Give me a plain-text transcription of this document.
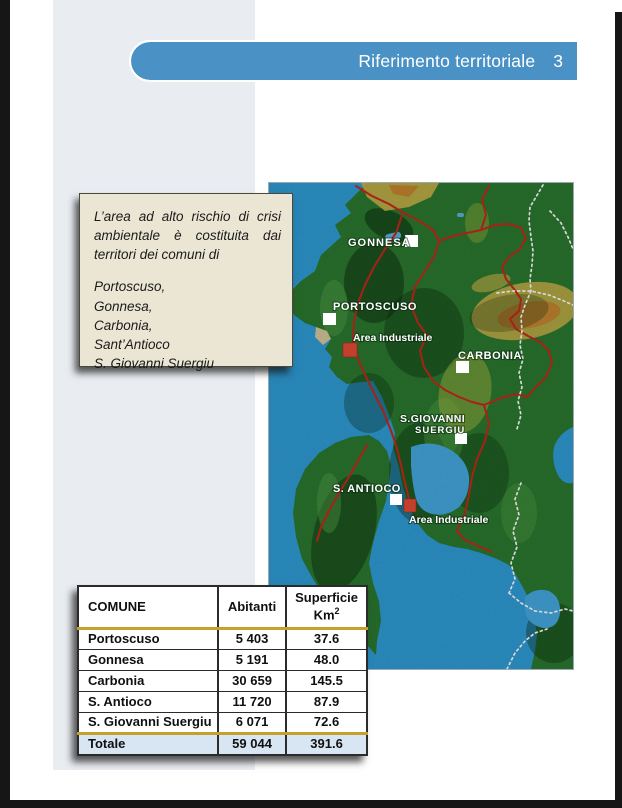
Riferimento territoriale 3

L’area ad alto rischio di crisi ambientale è costituita dai territori dei comuni di

Portoscuso,
Gonnesa,
Carbonia,
Sant’Antioco
S. Giovanni Suergiu
GONNESA
PORTOSCUSO
Area Industriale
CARBONIA
S.GIOVANNI
SUERGIU
S. ANTIOCO
Area Industriale
COMUNE	Abitanti	Superficie
Km$^2$
Portoscuso	5 403	37.6
Gonnesa	5 191	48.0
Carbonia	30 659	145.5
S. Antioco	11 720	87.9
S. Giovanni Suergiu	6 071	72.6
Totale	59 044	391.6
